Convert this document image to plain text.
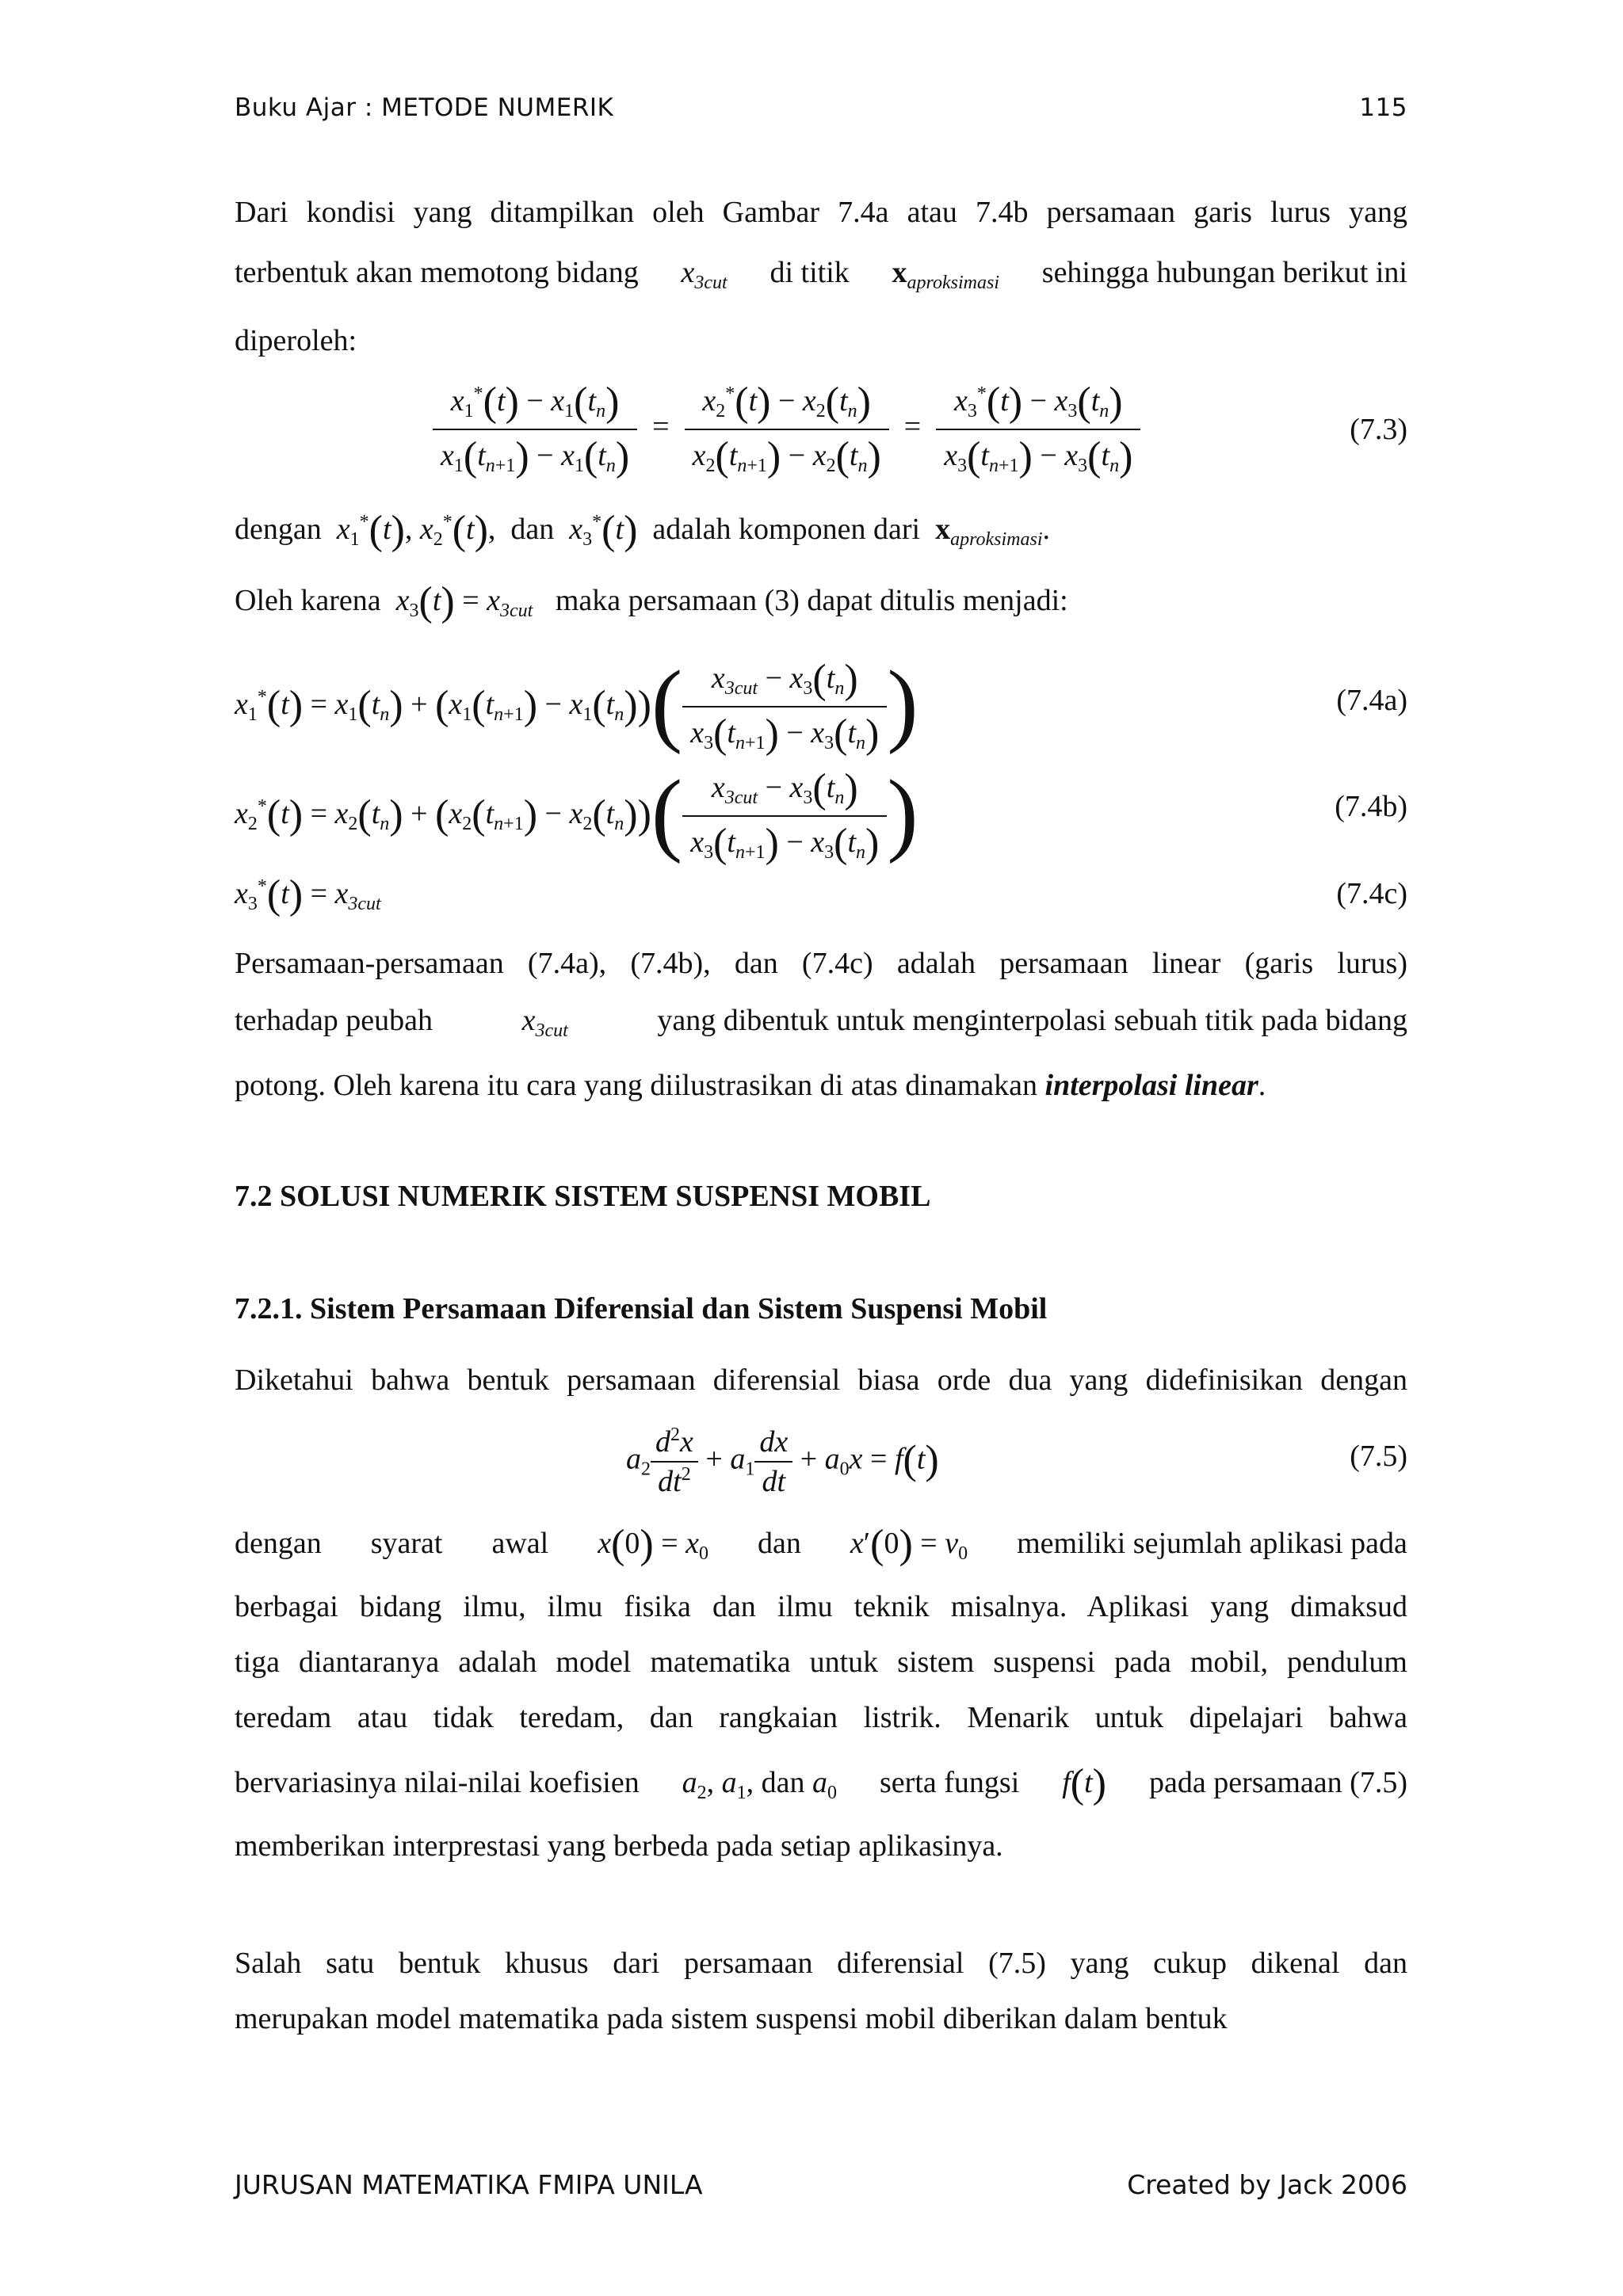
Buku Ajar : METODE NUMERIK	115
Dari kondisi yang ditampilkan oleh Gambar 7.4a atau 7.4b persamaan garis lurus yang
terbentuk akan memotong bidang $x_{3cut}$ di titik $x_{aproksimasi}$ sehingga hubungan berikut ini
diperoleh:
$\frac{x_1^*(t) - x_1(t_n)}{x_1(t_{n+1}) - x_1(t_n)} = \frac{x_2^*(t) - x_2(t_n)}{x_2(t_{n+1}) - x_2(t_n)} = \frac{x_3^*(t) - x_3(t_n)}{x_3(t_{n+1}) - x_3(t_n)}$	(7.3)
dengan $x_1^*(t)$, $x_2^*(t)$,  dan $x_3^*(t)$ adalah komponen dari $x_{aproksimasi}$.
Oleh karena $x_3(t) = x_{3cut}$ maka persamaan (3) dapat ditulis menjadi:
$x_1^*(t) = x_1(t_n) + (x_1(t_{n+1}) - x_1(t_n))( \frac{x_{3cut} - x_3(t_n)}{x_3(t_{n+1}) - x_3(t_n)}$ )	(7.4a)
$x_2^*(t) = x_2(t_n) + (x_2(t_{n+1}) - x_2(t_n))( \frac{x_{3cut} - x_3(t_n)}{x_3(t_{n+1}) - x_3(t_n)}$ )	(7.4b)
$x_3^*(t) = x_{3cut}$	(7.4c)
Persamaan-persamaan (7.4a), (7.4b), dan (7.4c) adalah persamaan linear (garis lurus)
terhadap peubah	$x_{3cut}$	yang dibentuk untuk menginterpolasi sebuah titik pada bidang
potong. Oleh karena itu cara yang diilustrasikan di atas dinamakan interpolasi linear.
7.2 SOLUSI NUMERIK SISTEM SUSPENSI MOBIL
7.2.1. Sistem Persamaan Diferensial dan Sistem Suspensi Mobil
Diketahui bahwa bentuk persamaan diferensial biasa orde dua yang didefinisikan dengan
$a_2 \frac{d^2x}{dt^2} + a_1 \frac{dx}{dt} + a_0x = f(t)$	(7.5)
dengan syarat awal $x(0) = x_0$ dan $x'(0) = v_0$ memiliki sejumlah aplikasi pada
berbagai bidang ilmu, ilmu fisika dan ilmu teknik misalnya. Aplikasi yang dimaksud
tiga diantaranya adalah model matematika untuk sistem suspensi pada mobil, pendulum
teredam atau tidak teredam, dan rangkaian listrik. Menarik untuk dipelajari bahwa
bervariasinya nilai-nilai koefisien $a_2$, $a_1$, dan $a_0$ serta fungsi f(t) pada persamaan (7.5)
memberikan interprestasi yang berbeda pada setiap aplikasinya.
Salah satu bentuk khusus dari persamaan diferensial (7.5) yang cukup dikenal dan
merupakan model matematika pada sistem suspensi mobil diberikan dalam bentuk
JURUSAN MATEMATIKA FMIPA UNILA	Created by Jack 2006
